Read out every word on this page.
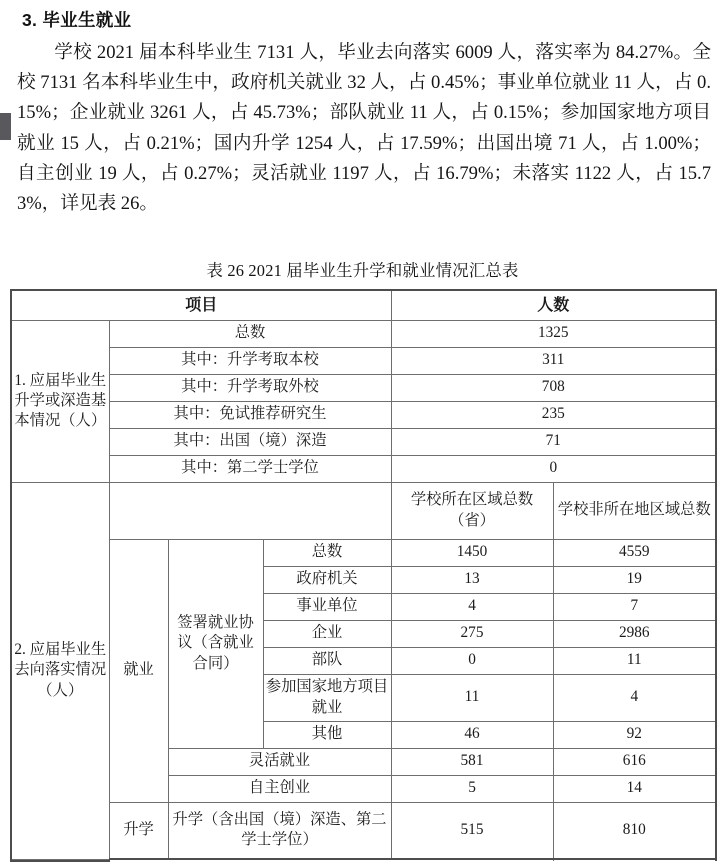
3. 毕业生就业
学校 2021 届本科毕业生 7131 人，毕业去向落实 6009 人，落实率为 84.27%。全校 7131 名本科毕业生中，政府机关就业 32 人，占 0.45%；事业单位就业 11 人，占 0.15%；企业就业 3261 人，占 45.73%；部队就业 11 人，占 0.15%；参加国家地方项目就业 15 人，占 0.21%；国内升学 1254 人，占 17.59%；出国出境 71 人，占 1.00%；自主创业 19 人，占 0.27%；灵活就业 1197 人，占 16.79%；未落实 1122 人，占 15.73%，详见表 26。
表 26 2021 届毕业生升学和就业情况汇总表
项目				人数	
1. 应届毕业生升学或深造基本情况（人）	总数			1325	
	其中：升学考取本校			311	
	其中：升学考取外校			708	
	其中：免试推荐研究生			235	
	其中：出国（境）深造			71	
	其中：第二学士学位			0	
2. 应届毕业生去向落实情况（人）				学校所在区域总数（省）	学校非所在地区域总数
	就业	签署就业协议（含就业合同）	总数	1450	4559
			政府机关	13	19
			事业单位	4	7
			企业	275	2986
			部队	0	11
			参加国家地方项目就业	11	4
			其他	46	92
		灵活就业		581	616
		自主创业		5	14
	升学	升学（含出国（境）深造、第二学士学位）		515	810
